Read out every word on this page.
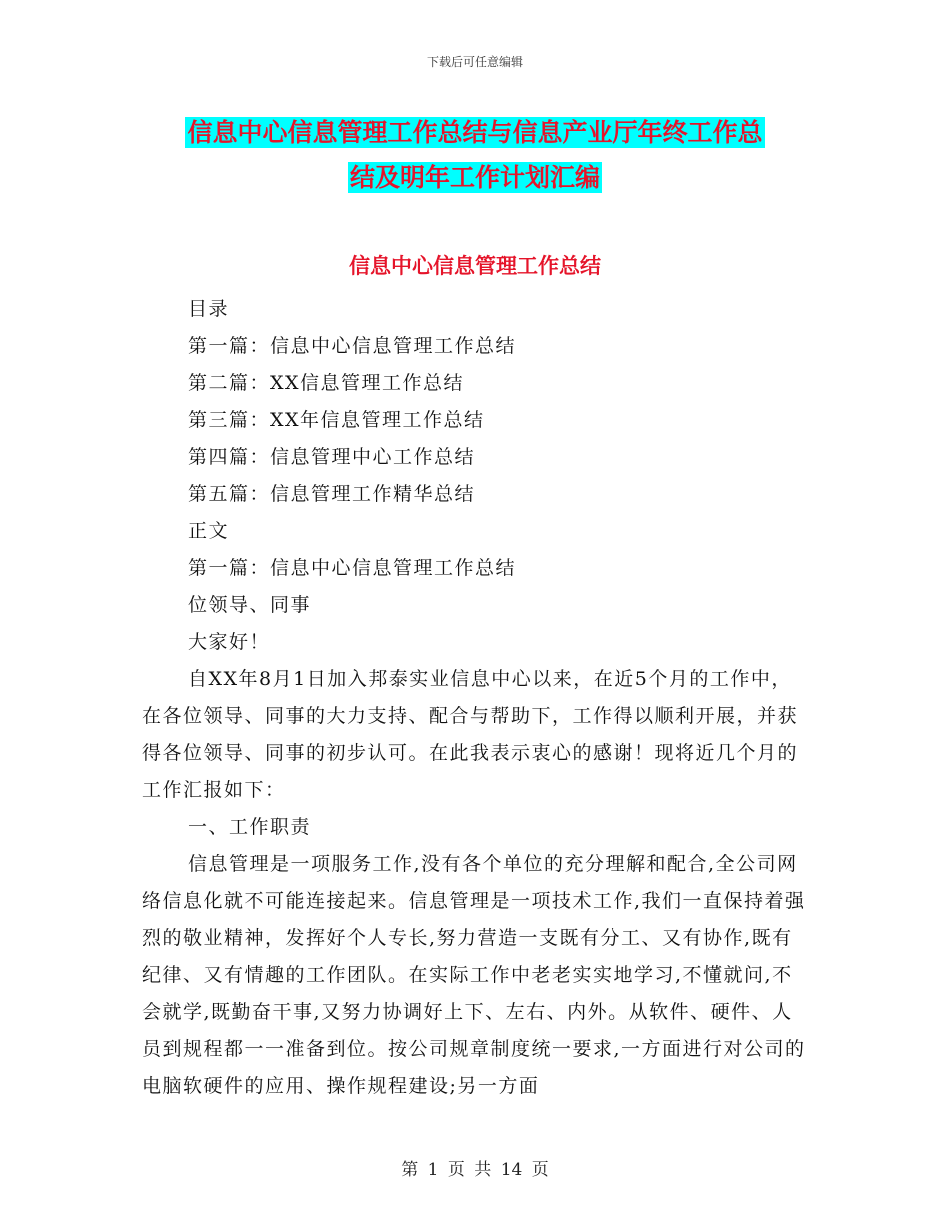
下载后可任意编辑
信息中心信息管理工作总结与信息产业厅年终工作总
结及明年工作计划汇编
信息中心信息管理工作总结

目录

第一篇：信息中心信息管理工作总结

第二篇：XX信息管理工作总结

第三篇：XX年信息管理工作总结

第四篇：信息管理中心工作总结

第五篇：信息管理工作精华总结

正文

第一篇：信息中心信息管理工作总结

位领导、同事

大家好！

自XX年8月1日加入邦泰实业信息中心以来，在近5个月的工作中，在各位领导、同事的大力支持、配合与帮助下，工作得以顺利开展，并获得各位领导、同事的初步认可。在此我表示衷心的感谢！现将近几个月的工作汇报如下：

一、工作职责

信息管理是一项服务工作,没有各个单位的充分理解和配合,全公司网络信息化就不可能连接起来。信息管理是一项技术工作,我们一直保持着强烈的敬业精神，发挥好个人专长,努力营造一支既有分工、又有协作,既有纪律、又有情趣的工作团队。在实际工作中老老实实地学习,不懂就问,不会就学,既勤奋干事,又努力协调好上下、左右、内外。从软件、硬件、人员到规程都一一准备到位。按公司规章制度统一要求,一方面进行对公司的电脑软硬件的应用、操作规程建设;另一方面

第 1 页 共 14 页
